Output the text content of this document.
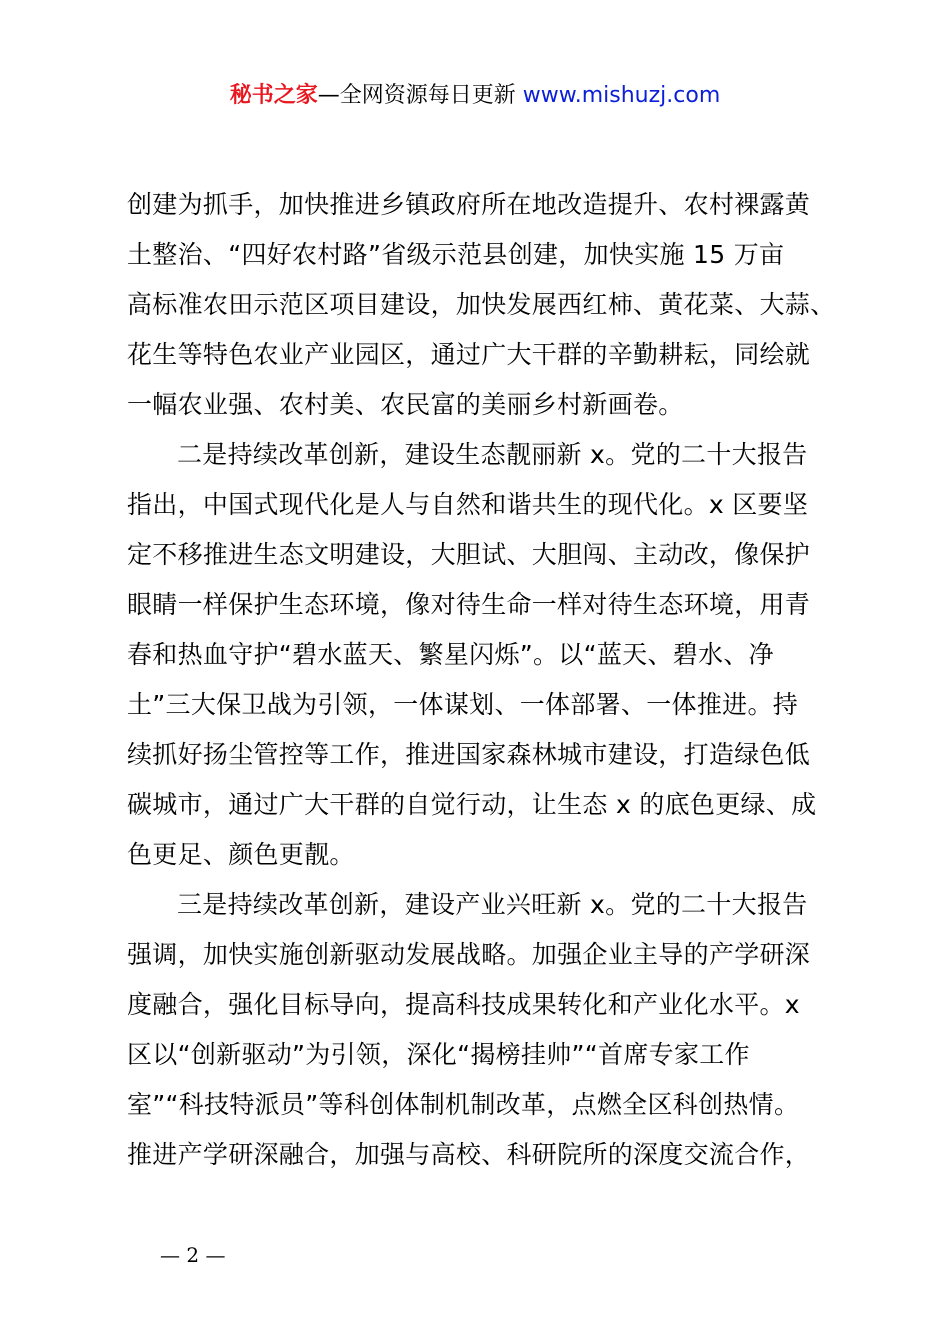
秘书之家—全网资源每日更新 www.mishuzj.com
创建为抓手，加快推进乡镇政府所在地改造提升、农村裸露黄
土整治、“四好农村路”省级示范县创建，加快实施 15 万亩
高标准农田示范区项目建设，加快发展西红柿、黄花菜、大蒜、
花生等特色农业产业园区，通过广大干群的辛勤耕耘，同绘就
一幅农业强、农村美、农民富的美丽乡村新画卷。
二是持续改革创新，建设生态靓丽新 x。党的二十大报告
指出，中国式现代化是人与自然和谐共生的现代化。x 区要坚
定不移推进生态文明建设，大胆试、大胆闯、主动改，像保护
眼睛一样保护生态环境，像对待生命一样对待生态环境，用青
春和热血守护“碧水蓝天、繁星闪烁”。以“蓝天、碧水、净
土”三大保卫战为引领，一体谋划、一体部署、一体推进。持
续抓好扬尘管控等工作，推进国家森林城市建设，打造绿色低
碳城市，通过广大干群的自觉行动，让生态 x 的底色更绿、成
色更足、颜色更靓。
三是持续改革创新，建设产业兴旺新 x。党的二十大报告
强调，加快实施创新驱动发展战略。加强企业主导的产学研深
度融合，强化目标导向，提高科技成果转化和产业化水平。x
区以“创新驱动”为引领，深化“揭榜挂帅”“首席专家工作
室”“科技特派员”等科创体制机制改革，点燃全区科创热情。
推进产学研深融合，加强与高校、科研院所的深度交流合作，
— 2 —
